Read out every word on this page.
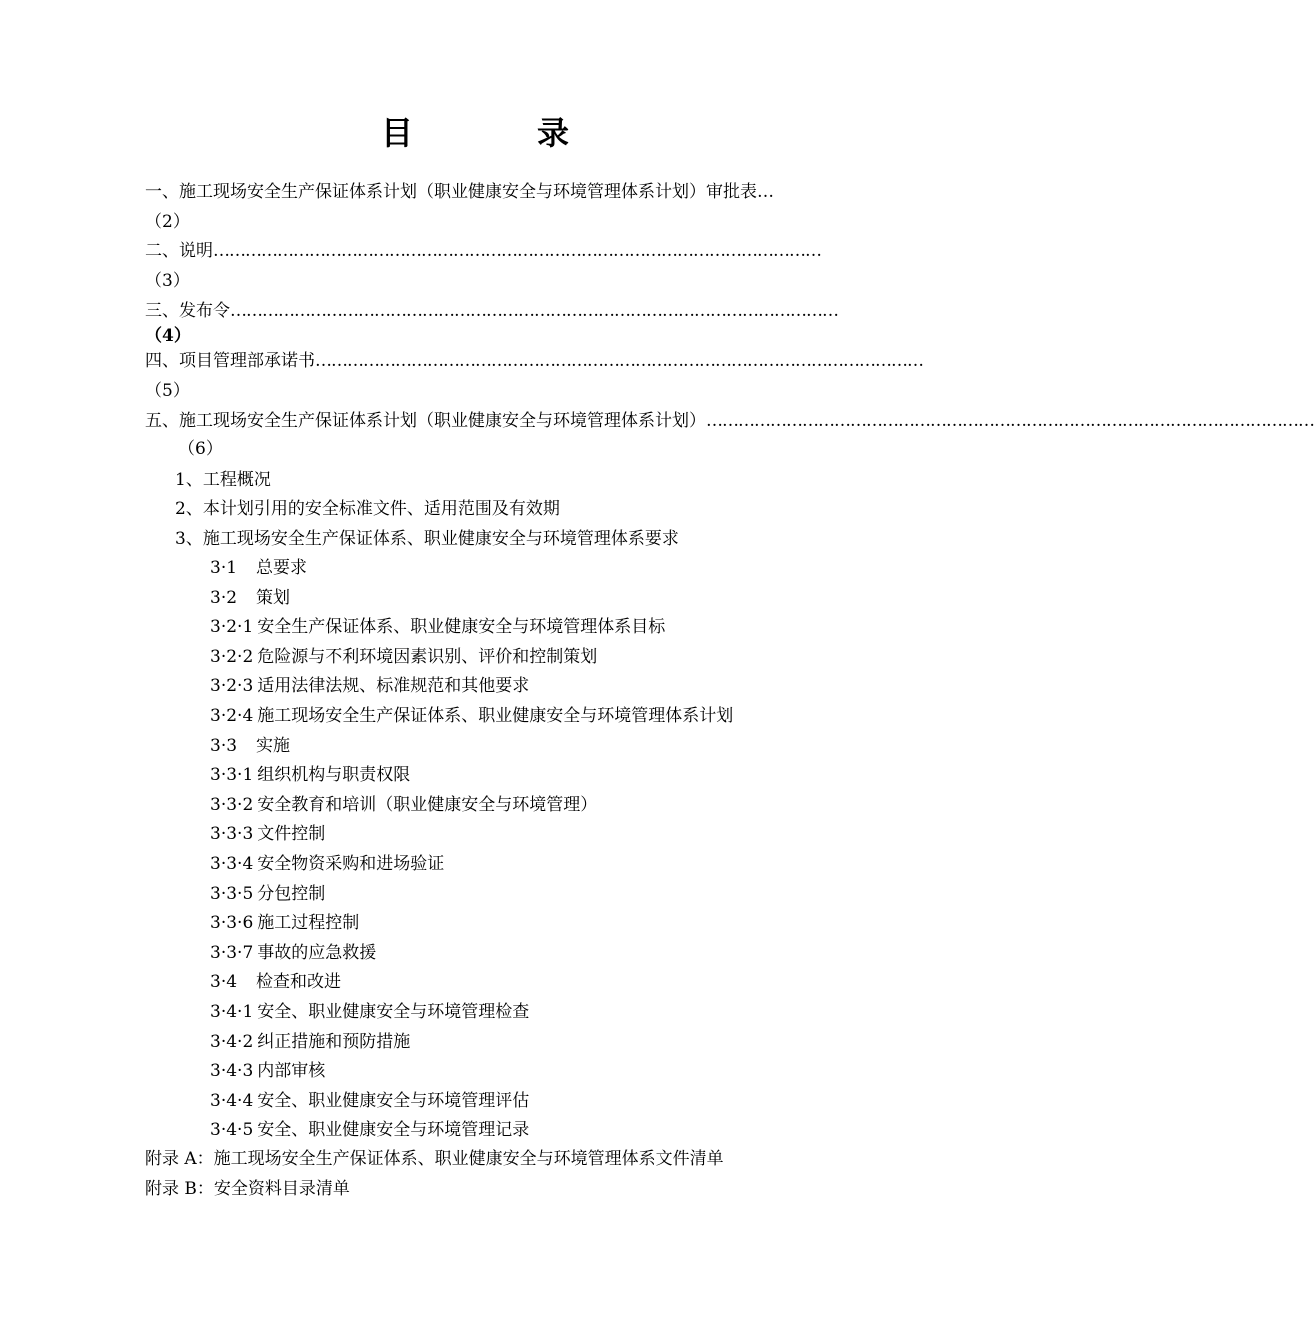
目　录
一、施工现场安全生产保证体系计划（职业健康安全与环境管理体系计划）审批表…
（2）
二、说明 ……………………………………………………………………………………………………
（3）
三、发布令 ……………………………………………………………………………………………………
（4）
四、项目管理部承诺书 ……………………………………………………………………………………………………
（5）
五、施工现场安全生产保证体系计划（职业健康安全与环境管理体系计划） ……………………………………………………………………………………………………
（6）
1、工程概况
2、本计划引用的安全标准文件、适用范围及有效期
3、施工现场安全生产保证体系、职业健康安全与环境管理体系要求
3·1 总要求
3·2 策划
3·2·1 安全生产保证体系、职业健康安全与环境管理体系目标
3·2·2 危险源与不利环境因素识别、评价和控制策划
3·2·3 适用法律法规、标准规范和其他要求
3·2·4 施工现场安全生产保证体系、职业健康安全与环境管理体系计划
3·3 实施
3·3·1 组织机构与职责权限
3·3·2 安全教育和培训（职业健康安全与环境管理）
3·3·3 文件控制
3·3·4 安全物资采购和进场验证
3·3·5 分包控制
3·3·6 施工过程控制
3·3·7 事故的应急救援
3·4 检查和改进
3·4·1 安全、职业健康安全与环境管理检查
3·4·2 纠正措施和预防措施
3·4·3 内部审核
3·4·4 安全、职业健康安全与环境管理评估
3·4·5 安全、职业健康安全与环境管理记录
附录 A：施工现场安全生产保证体系、职业健康安全与环境管理体系文件清单
附录 B：安全资料目录清单
